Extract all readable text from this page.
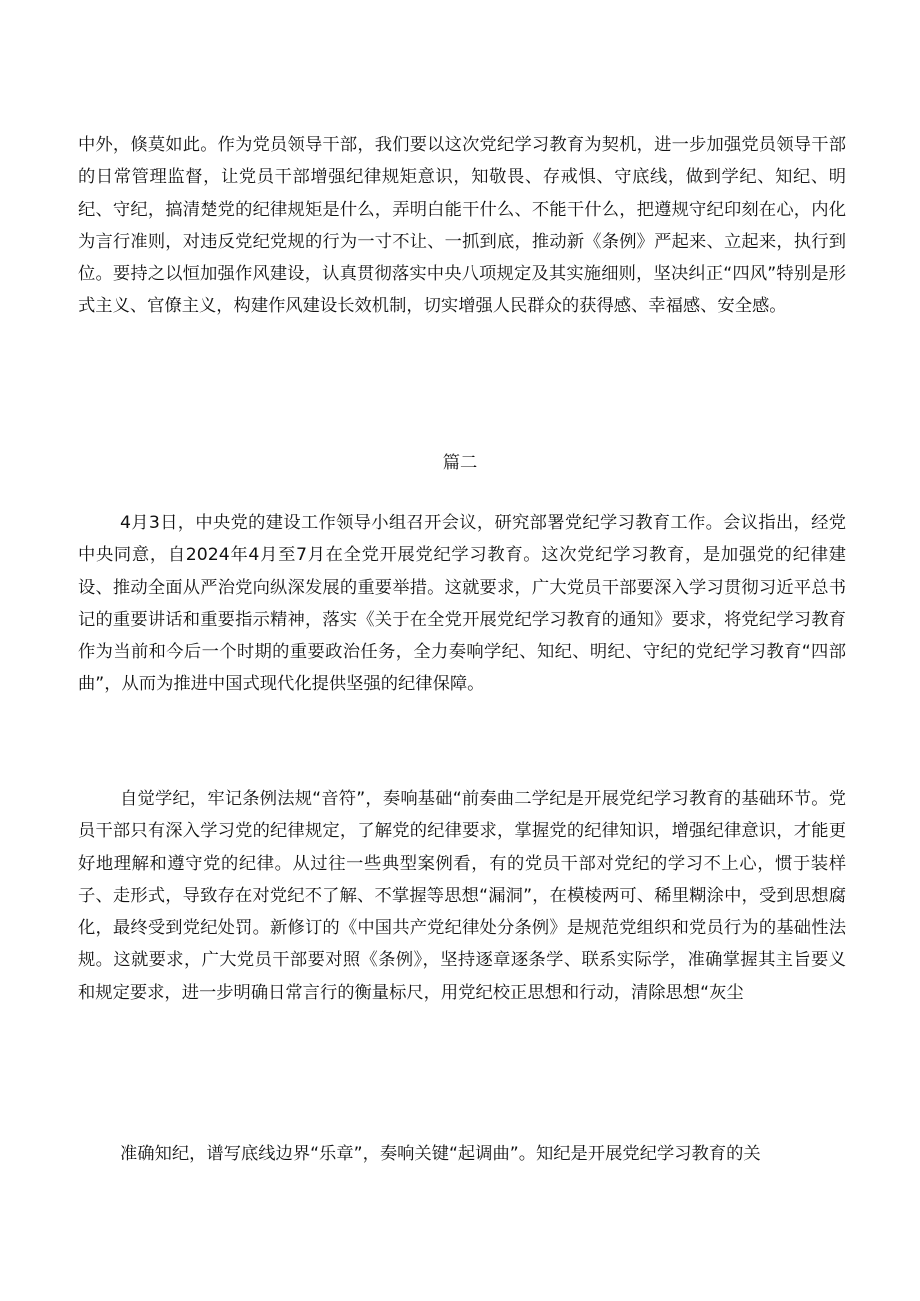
中外，倏莫如此。作为党员领导干部，我们要以这次党纪学习教育为契机，进一步加强党员领导干部的日常管理监督，让党员干部增强纪律规矩意识，知敬畏、存戒惧、守底线，做到学纪、知纪、明纪、守纪，搞清楚党的纪律规矩是什么，弄明白能干什么、不能干什么，把遵规守纪印刻在心，内化为言行准则，对违反党纪党规的行为一寸不让、一抓到底，推动新《条例》严起来、立起来，执行到位。要持之以恒加强作风建设，认真贯彻落实中央八项规定及其实施细则，坚决纠正“四风”特别是形式主义、官僚主义，构建作风建设长效机制，切实增强人民群众的获得感、幸福感、安全感。

篇二

4月3日，中央党的建设工作领导小组召开会议，研究部署党纪学习教育工作。会议指出，经党中央同意，自2024年4月至7月在全党开展党纪学习教育。这次党纪学习教育，是加强党的纪律建设、推动全面从严治党向纵深发展的重要举措。这就要求，广大党员干部要深入学习贯彻习近平总书记的重要讲话和重要指示精神，落实《关于在全党开展党纪学习教育的通知》要求，将党纪学习教育作为当前和今后一个时期的重要政治任务，全力奏响学纪、知纪、明纪、守纪的党纪学习教育“四部曲”，从而为推进中国式现代化提供坚强的纪律保障。

自觉学纪，牢记条例法规“音符”，奏响基础“前奏曲二学纪是开展党纪学习教育的基础环节。党员干部只有深入学习党的纪律规定，了解党的纪律要求，掌握党的纪律知识，增强纪律意识，才能更好地理解和遵守党的纪律。从过往一些典型案例看，有的党员干部对党纪的学习不上心，惯于装样子、走形式，导致存在对党纪不了解、不掌握等思想“漏洞”，在模棱两可、稀里糊涂中，受到思想腐化，最终受到党纪处罚。新修订的《中国共产党纪律处分条例》是规范党组织和党员行为的基础性法规。这就要求，广大党员干部要对照《条例》，坚持逐章逐条学、联系实际学，准确掌握其主旨要义和规定要求，进一步明确日常言行的衡量标尺，用党纪校正思想和行动，清除思想“灰尘

准确知纪，谱写底线边界“乐章”，奏响关键“起调曲”。知纪是开展党纪学习教育的关
